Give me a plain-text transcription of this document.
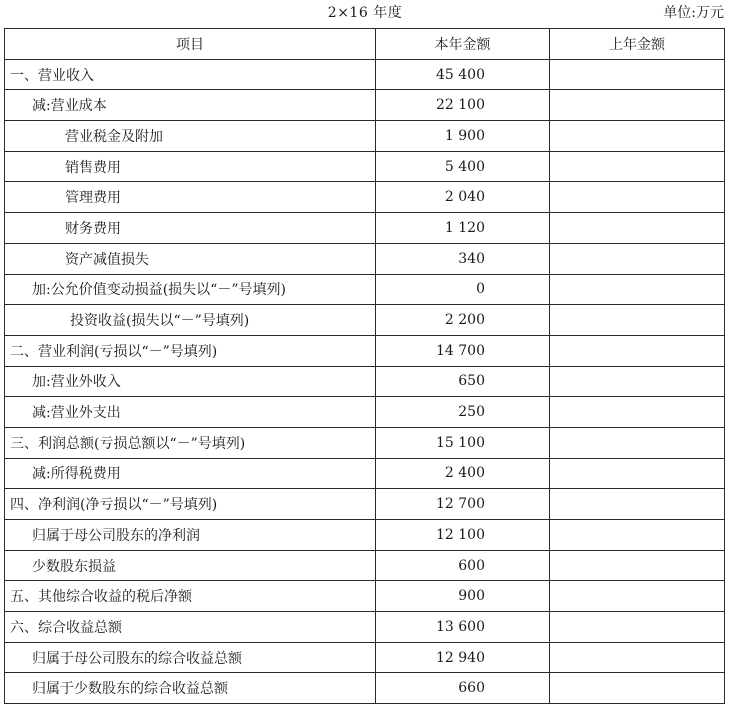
2×16 年度	单位:万元
项目	本年金额	上年金额
一、营业收入	45 400	
减:营业成本	22 100	
营业税金及附加	1 900	
销售费用	5 400	
管理费用	2 040	
财务费用	1 120	
资产减值损失	340	
加:公允价值变动损益(损失以“－”号填列)	0	
投资收益(损失以“－”号填列)	2 200	
二、营业利润(亏损以“－”号填列)	14 700	
加:营业外收入	650	
减:营业外支出	250	
三、利润总额(亏损总额以“－”号填列)	15 100	
减:所得税费用	2 400	
四、净利润(净亏损以“－”号填列)	12 700	
归属于母公司股东的净利润	12 100	
少数股东损益	600	
五、其他综合收益的税后净额	900	
六、综合收益总额	13 600	
归属于母公司股东的综合收益总额	12 940	
归属于少数股东的综合收益总额	660	
